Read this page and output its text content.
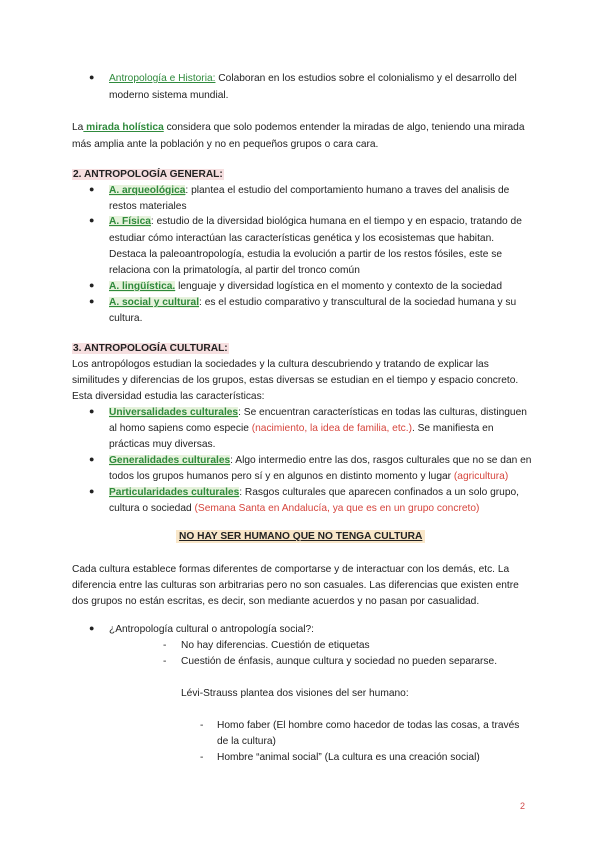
● Antropología e Historia: Colaboran en los estudios sobre el colonialismo y el desarrollo del
moderno sistema mundial.
La mirada holística considera que solo podemos entender la miradas de algo, teniendo una mirada
más amplia ante la población y no en pequeños grupos o cara cara.
2. ANTROPOLOGÍA GENERAL:
● A. arqueológica: plantea el estudio del comportamiento humano a traves del analisis de
restos materiales
● A. Física: estudio de la diversidad biológica humana en el tiempo y en espacio, tratando de
estudiar cómo interactúan las características genética y los ecosistemas que habitan.
Destaca la paleoantropología, estudia la evolución a partir de los restos fósiles, este se
relaciona con la primatología, al partir del tronco común
● A. lingüística. lenguaje y diversidad logística en el momento y contexto de la sociedad
● A. social y cultural: es el estudio comparativo y transcultural de la sociedad humana y su
cultura.
3. ANTROPOLOGÍA CULTURAL:
Los antropólogos estudian la sociedades y la cultura descubriendo y tratando de explicar las
similitudes y diferencias de los grupos, estas diversas se estudian en el tiempo y espacio concreto.
Esta diversidad estudia las características:
● Universalidades culturales: Se encuentran características en todas las culturas, distinguen
al homo sapiens como especie (nacimiento, la idea de familia, etc.). Se manifiesta en
prácticas muy diversas.
● Generalidades culturales: Algo intermedio entre las dos, rasgos culturales que no se dan en
todos los grupos humanos pero sí y en algunos en distinto momento y lugar (agricultura)
● Particularidades culturales: Rasgos culturales que aparecen confinados a un solo grupo,
cultura o sociedad (Semana Santa en Andalucía, ya que es en un grupo concreto)
NO HAY SER HUMANO QUE NO TENGA CULTURA
Cada cultura establece formas diferentes de comportarse y de interactuar con los demás, etc. La
diferencia entre las culturas son arbitrarias pero no son casuales. Las diferencias que existen entre
dos grupos no están escritas, es decir, son mediante acuerdos y no pasan por casualidad.
● ¿Antropología cultural o antropología social?:
- No hay diferencias. Cuestión de etiquetas
- Cuestión de énfasis, aunque cultura y sociedad no pueden separarse.
Lévi-Strauss plantea dos visiones del ser humano:
- Homo faber (El hombre como hacedor de todas las cosas, a través
de la cultura)
- Hombre “animal social” (La cultura es una creación social)
2
